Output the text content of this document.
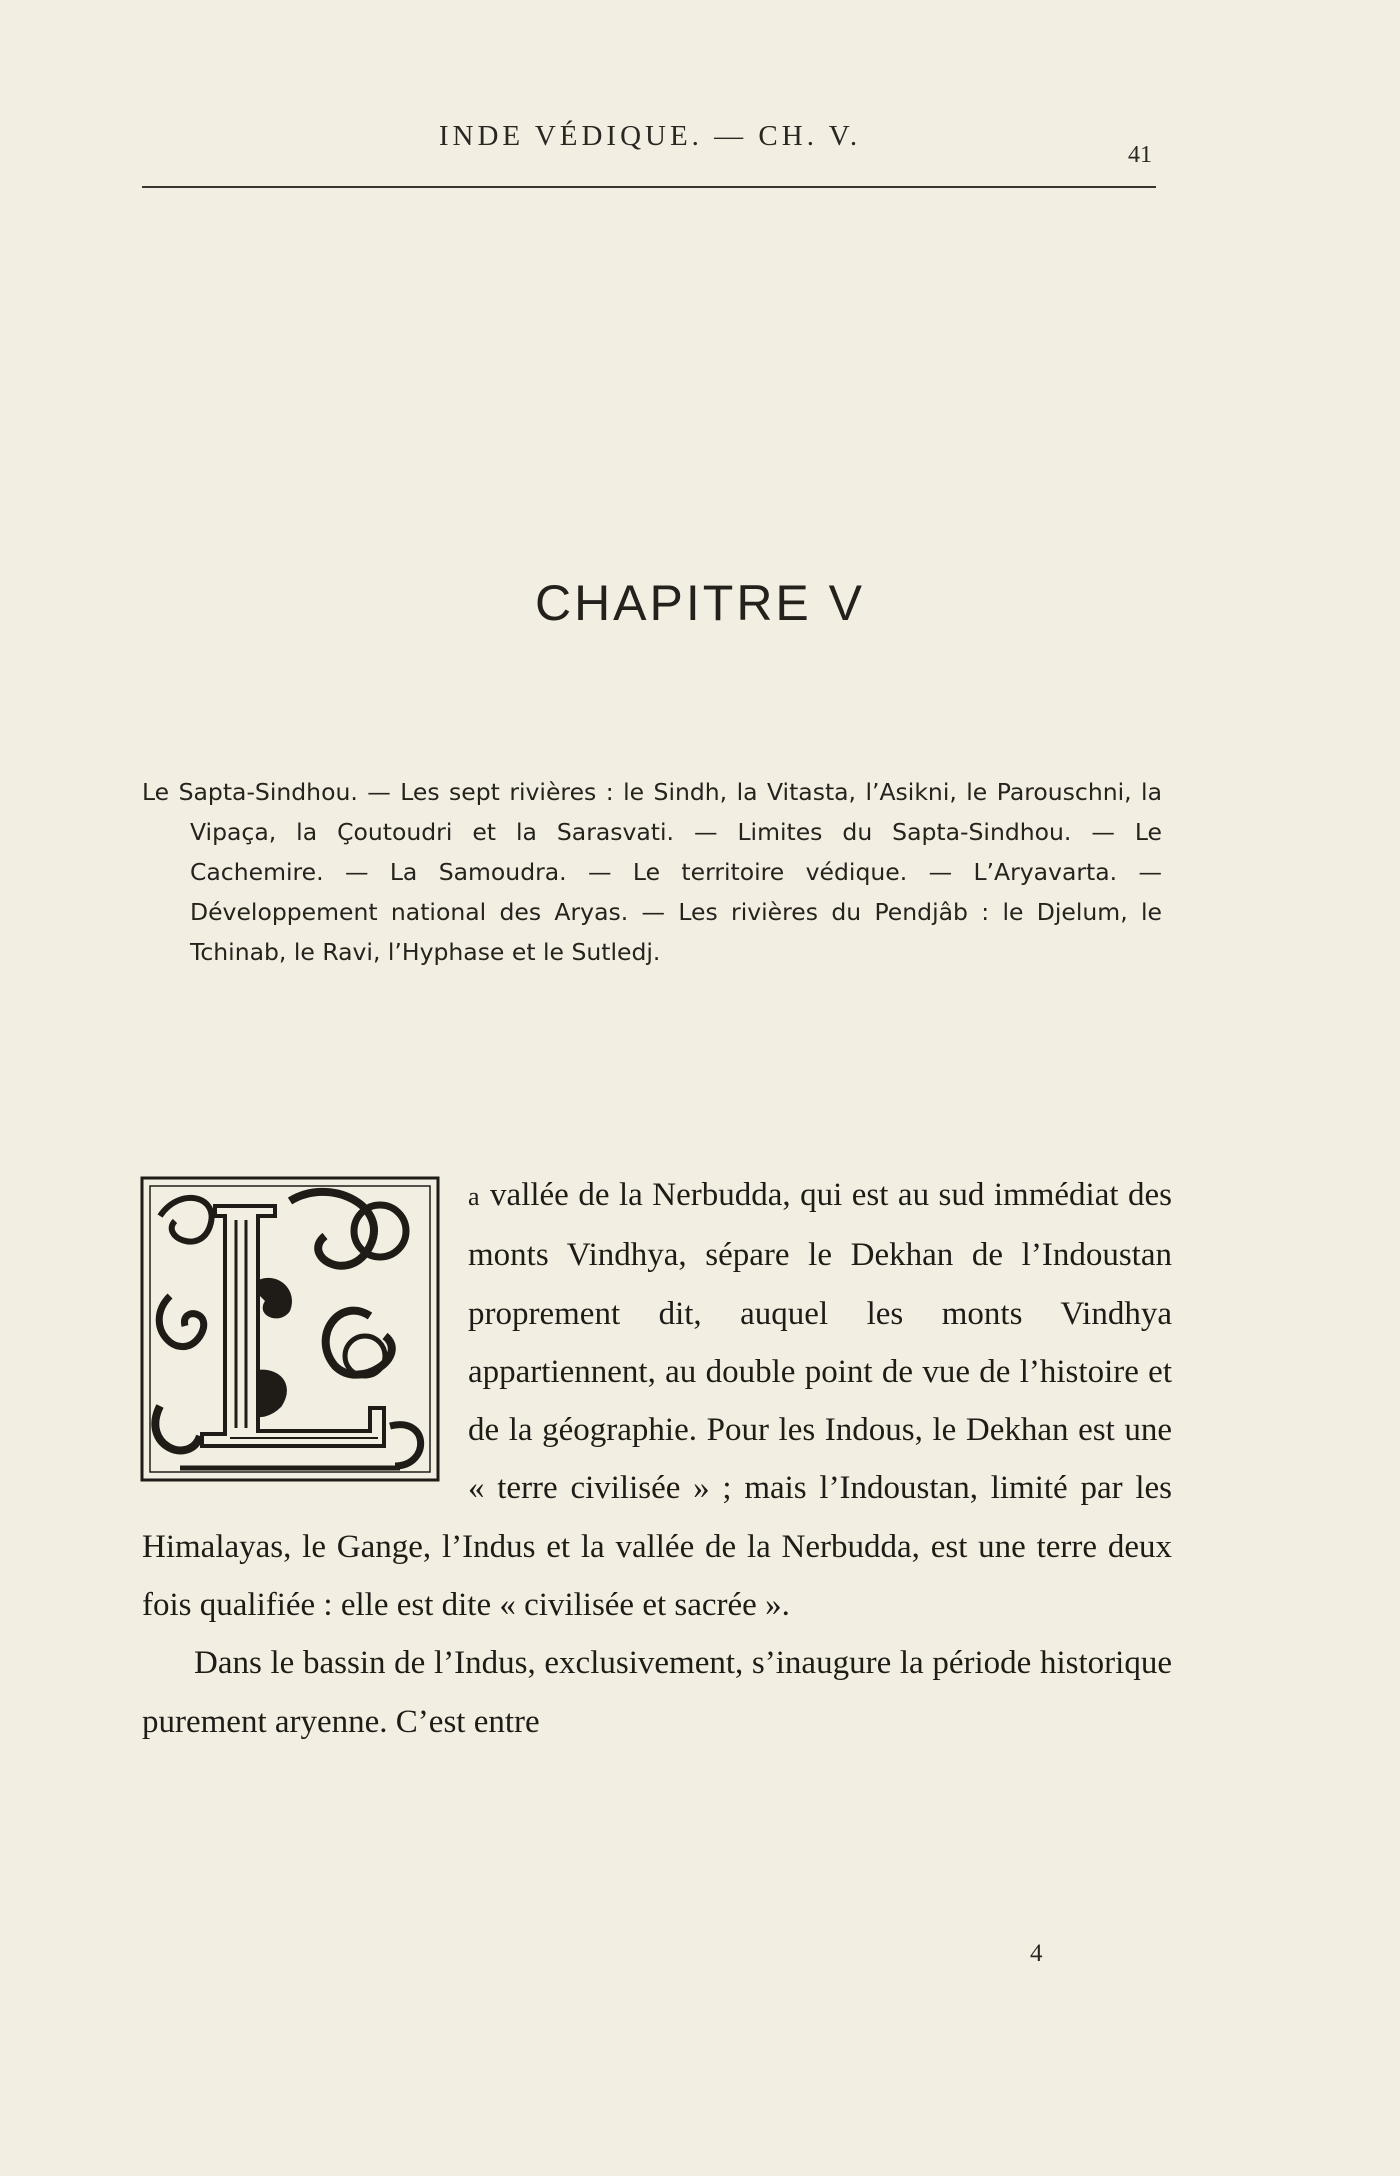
INDE VÉDIQUE. — CH. V.
41
CHAPITRE V
Le Sapta-Sindhou. — Les sept rivières : le Sindh, la Vitasta, l’Asikni, le Parouschni, la Vipaça, la Çoutoudri et la Sarasvati. — Limites du Sapta-Sindhou. — Le Cachemire. — La Samoudra. — Le territoire védique. — L’Aryavarta. — Développement national des Aryas. — Les rivières du Pendjâb : le Djelum, le Tchinab, le Ravi, l’Hyphase et le Sutledj.

a vallée de la Nerbudda, qui est au sud immédiat des monts Vindhya, sépare le Dekhan de l’Indoustan proprement dit, auquel les monts Vindhya appartiennent, au double point de vue de l’histoire et de la géographie. Pour les Indous, le Dekhan est une « terre civilisée » ; mais l’Indoustan, limité par les Himalayas, le Gange, l’Indus et la vallée de la Nerbudda, est une terre deux fois qualifiée : elle est dite « civilisée et sacrée ».

Dans le bassin de l’Indus, exclusivement, s’inaugure la période historique purement aryenne. C’est entre

4
